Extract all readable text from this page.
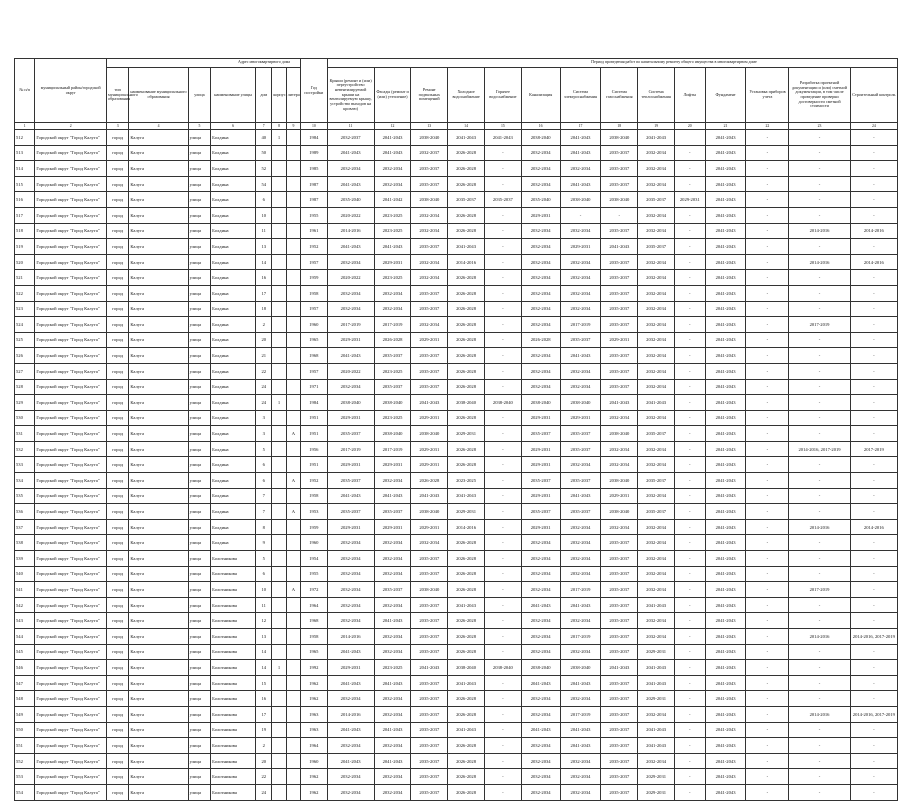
Адрес многоквартирного дома	Период проведения работ по капитальному ремонту общего имущества в многоквартирном доме
№ п/п	муниципальный район/городской округ								Год постройки														
		тип муниципального образования	наименование муниципального образования	улица	наименование улицы	дом	корпус	литера		Крыши (ремонт и (или) переустройство невентилируемой крыши на вентилируемую крышу, устройство выходов на кровлю)	Фасады (ремонт и (или) утепление)	Ремонт подвальных помещений	Холодное водоснабжение	Горячее водоснабжение	Канализация	Система электроснабжения	Система газоснабжения	Система теплоснабжения	Лифты	Фундамент	Установка приборов учета	Разработка проектной документации и (или) сметной документации, в том числе проведение проверки достоверности сметной стоимости	Строительный контроль
1	2	3	4	5	6	7	8	9	10	11	12	13	14	15	16	17	18	19	20	21	22	23	24
512	Городской округ "Город Калуга"	город	Калуга	улица	Болдина	40	1		1984	2032-2037	2041-2043	2038-2040	2041-2043	2041-2043	2038-2040	2041-2043	2038-2040	2041-2043		2041-2043	-	-	-
513	Городской округ "Город Калуга"	город	Калуга	улица	Болдина	50			1989	2041-2043	2041-2043	2032-2037	2026-2028	-	2032-2034	2041-2043	2035-2037	2032-2034	-	2041-2043	-	-	-
514	Городской округ "Город Калуга"	город	Калуга	улица	Болдина	52			1985	2032-2034	2032-2034	2035-2037	2026-2028	-	2032-2034	2032-2034	2035-2037	2032-2034	-	2041-2043	-	-	-
515	Городской округ "Город Калуга"	город	Калуга	улица	Болдина	54			1987	2041-2043	2032-2034	2035-2037	2026-2028	-	2032-2034	2041-2043	2035-2037	2032-2034	-	2041-2043	-	-	-
516	Городской округ "Город Калуга"	город	Калуга	улица	Болдина	6			1987	2035-2040	2041-2042	2038-2040	2035-2037	2035-2037	2035-2040	2038-2040	2038-2040	2035-2037	2029-2031	2041-2043	-	-	-
517	Городской округ "Город Калуга"	город	Калуга	улица	Болдина	10			1955	2020-2022	2023-2025	2032-2034	2026-2028	-	2029-2031	-	-	2032-2034	-	2041-2043	-	-	-
518	Городской округ "Город Калуга"	город	Калуга	улица	Болдина	11			1961	2014-2016	2023-2025	2032-2034	2026-2028	-	2032-2034	2032-2034	2035-2037	2032-2034	-	2041-2043	-	2014-2016	2014-2016
519	Городской округ "Город Калуга"	город	Калуга	улица	Болдина	13			1952	2041-2043	2041-2043	2035-2037	2041-2043	-	2032-2034	2029-2031	2041-2043	2035-2037	-	2041-2043	-	-	-
520	Городской округ "Город Калуга"	город	Калуга	улица	Болдина	14			1957	2032-2034	2029-2031	2032-2034	2014-2016	-	2032-2034	2032-2034	2035-2037	2032-2034	-	2041-2043	-	2014-2016	2014-2016
521	Городской округ "Город Калуга"	город	Калуга	улица	Болдина	16			1959	2020-2022	2023-2025	2032-2034	2026-2028	-	2032-2034	2032-2034	2035-2037	2032-2034	-	2041-2043	-	-	-
522	Городской округ "Город Калуга"	город	Калуга	улица	Болдина	17			1958	2032-2034	2032-2034	2035-2037	2026-2028	-	2032-2034	2032-2034	2035-2037	2032-2034	-	2041-2043	-	-	-
523	Городской округ "Город Калуга"	город	Калуга	улица	Болдина	18			1957	2032-2034	2032-2034	2035-2037	2026-2028	-	2032-2034	2032-2034	2035-2037	2032-2034	-	2041-2043	-	-	-
524	Городской округ "Город Калуга"	город	Калуга	улица	Болдина	2			1960	2017-2019	2017-2019	2032-2034	2026-2028	-	2032-2034	2017-2019	2035-2037	2032-2034	-	2041-2043	-	2017-2019	-
525	Городской округ "Город Калуга"	город	Калуга	улица	Болдина	20			1965	2029-2031	2026-2028	2029-2031	2026-2028	-	2026-2028	2035-2037	2029-2031	2032-2034	-	2041-2043	-	-	-
526	Городской округ "Город Калуга"	город	Калуга	улица	Болдина	21			1968	2041-2043	2035-2037	2035-2037	2026-2028	-	2032-2034	2041-2043	2035-2037	2032-2034	-	2041-2043	-	-	-
527	Городской округ "Город Калуга"	город	Калуга	улица	Болдина	22			1957	2020-2022	2023-2025	2035-2037	2026-2028	-	2032-2034	2032-2034	2035-2037	2032-2034	-	2041-2043	-	-	-
528	Городской округ "Город Калуга"	город	Калуга	улица	Болдина	24			1971	2032-2034	2035-2037	2035-2037	2026-2028	-	2032-2034	2032-2034	2035-2037	2032-2034	-	2041-2043	-	-	-
529	Городской округ "Город Калуга"	город	Калуга	улица	Болдина	24	1		1984	2038-2040	2038-2040	2041-2043	2038-2040	2038-2040	2038-2040	2038-2040	2041-2043	2041-2043	-	2041-2043	-	-	-
530	Городской округ "Город Калуга"	город	Калуга	улица	Болдина	3			1951	2029-2031	2023-2025	2029-2031	2026-2028	-	2029-2031	2029-2031	2032-2034	2032-2034	-	2041-2043	-	-	-
531	Городской округ "Город Калуга"	город	Калуга	улица	Болдина	3		А	1951	2035-2037	2038-2040	2038-2040	2029-2031	-	2035-2037	2035-2037	2038-2040	2035-2037	-	2041-2043	-	-	-
532	Городской округ "Город Калуга"	город	Калуга	улица	Болдина	5			1956	2017-2019	2017-2019	2029-2031	2026-2028	-	2029-2031	2035-2037	2032-2034	2032-2034	-	2041-2043	-	2014-2016, 2017-2019	2017-2019
533	Городской округ "Город Калуга"	город	Калуга	улица	Болдина	6			1951	2029-2031	2029-2031	2029-2031	2026-2028	-	2029-2031	2032-2034	2032-2034	2032-2034	-	2041-2043	-	-	-
534	Городской округ "Город Калуга"	город	Калуга	улица	Болдина	6		А	1952	2035-2037	2032-2034	2026-2028	2023-2025	-	2035-2037	2035-2037	2038-2040	2035-2037	-	2041-2043	-	-	-
535	Городской округ "Город Калуга"	город	Калуга	улица	Болдина	7			1958	2041-2043	2041-2043	2041-2043	2041-2043	-	2029-2031	2041-2043	2029-2031	2032-2034	-	2041-2043	-	-	-
536	Городской округ "Город Калуга"	город	Калуга	улица	Болдина	7		А	1953	2035-2037	2035-2037	2038-2040	2029-2031	-	2035-2037	2035-2037	2038-2040	2035-2037	-	2041-2043	-	-	-
537	Городской округ "Город Калуга"	город	Калуга	улица	Болдина	8			1959	2029-2031	2029-2031	2029-2031	2014-2016	-	2029-2031	2032-2034	2032-2034	2032-2034	-	2041-2043	-	2014-2016	2014-2016
538	Городской округ "Город Калуга"	город	Калуга	улица	Болдина	9			1960	2032-2034	2032-2034	2032-2034	2026-2028	-	2032-2034	2032-2034	2035-2037	2032-2034	-	2041-2043	-	-	-
539	Городской округ "Город Калуга"	город	Калуга	улица	Болотникова	5			1954	2032-2034	2032-2034	2035-2037	2026-2028	-	2032-2034	2032-2034	2035-2037	2032-2034	-	2041-2043	-	-	-
540	Городской округ "Город Калуга"	город	Калуга	улица	Болотникова	6			1955	2032-2034	2032-2034	2035-2037	2026-2028	-	2032-2034	2032-2034	2035-2037	2032-2034	-	2041-2043	-	-	-
541	Городской округ "Город Калуга"	город	Калуга	улица	Болотникова	10		А	1972	2032-2034	2035-2037	2038-2040	2026-2028	-	2032-2034	2017-2019	2035-2037	2032-2034	-	2041-2043	-	2017-2019	-
542	Городской округ "Город Калуга"	город	Калуга	улица	Болотникова	11			1964	2032-2034	2032-2034	2035-2037	2041-2043	-	2041-2043	2041-2043	2035-2037	2041-2043	-	2041-2043	-	-	-
543	Городской округ "Город Калуга"	город	Калуга	улица	Болотникова	12			1968	2032-2034	2041-2043	2035-2037	2026-2028	-	2032-2034	2032-2034	2035-2037	2032-2034	-	2041-2043	-	-	-
544	Городской округ "Город Калуга"	город	Калуга	улица	Болотникова	13			1958	2014-2016	2032-2034	2035-2037	2026-2028	-	2032-2034	2017-2019	2035-2037	2032-2034	-	2041-2043	-	2014-2016	2014-2016, 2017-2019
545	Городской округ "Город Калуга"	город	Калуга	улица	Болотникова	14			1965	2041-2043	2032-2034	2035-2037	2026-2028	-	2032-2034	2032-2034	2035-2037	2029-2031	-	2041-2043	-	-	-
546	Городской округ "Город Калуга"	город	Калуга	улица	Болотникова	14	1		1992	2029-2031	2023-2025	2041-2043	2038-2040	2038-2040	2038-2040	2038-2040	2041-2043	2041-2043	-	2041-2043	-	-	-
547	Городской округ "Город Калуга"	город	Калуга	улица	Болотникова	15			1962	2041-2043	2041-2043	2035-2037	2041-2043	-	2041-2043	2041-2043	2035-2037	2041-2043	-	2041-2043	-	-	-
548	Городской округ "Город Калуга"	город	Калуга	улица	Болотникова	16			1962	2032-2034	2032-2034	2035-2037	2026-2028	-	2032-2034	2032-2034	2035-2037	2029-2031	-	2041-2043	-	-	-
549	Городской округ "Город Калуга"	город	Калуга	улица	Болотникова	17			1963	2014-2016	2032-2034	2035-2037	2026-2028	-	2032-2034	2017-2019	2035-2037	2032-2034	-	2041-2043	-	2014-2016	2014-2016, 2017-2019
550	Городской округ "Город Калуга"	город	Калуга	улица	Болотникова	19			1963	2041-2043	2041-2043	2035-2037	2041-2043	-	2041-2043	2041-2043	2035-2037	2041-2043	-	2041-2043	-	-	-
551	Городской округ "Город Калуга"	город	Калуга	улица	Болотникова	2			1964	2032-2034	2032-2034	2035-2037	2026-2028	-	2032-2034	2041-2043	2035-2037	2041-2043	-	2041-2043	-	-	-
552	Городской округ "Город Калуга"	город	Калуга	улица	Болотникова	20			1960	2041-2043	2041-2043	2035-2037	2026-2028	-	2032-2034	2032-2034	2035-2037	2032-2034	-	2041-2043	-	-	-
553	Городской округ "Город Калуга"	город	Калуга	улица	Болотникова	22			1962	2032-2034	2032-2034	2035-2037	2026-2028	-	2032-2034	2032-2034	2035-2037	2029-2031	-	2041-2043	-	-	-
554	Городской округ "Город Калуга"	город	Калуга	улица	Болотникова	24			1962	2032-2034	2032-2034	2035-2037	2026-2028	-	2032-2034	2032-2034	2035-2037	2029-2031	-	2041-2043	-	-	-
